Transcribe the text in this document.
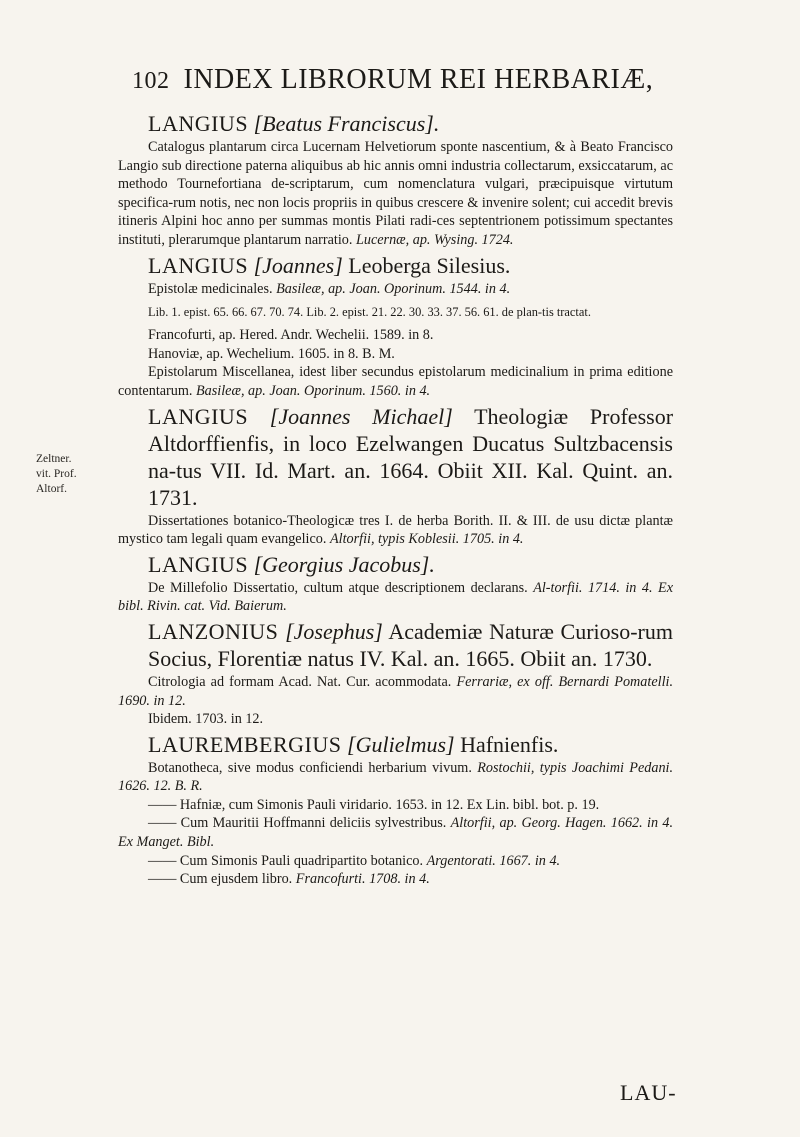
102 INDEX LIBRORUM REI HERBARIÆ,
Zeltner.
vit. Prof.
Altorf.
LANGIUS [Beatus Franciscus].

Catalogus plantarum circa Lucernam Helvetiorum sponte nascentium, & à Beato Francisco Langio sub directione paterna aliquibus ab hic annis omni industria collectarum, exsiccatarum, ac methodo Tournefortiana de-scriptarum, cum nomenclatura vulgari, præcipuisque virtutum specifica-rum notis, nec non locis propriis in quibus crescere & invenire solent; cui accedit brevis itineris Alpini hoc anno per summas montis Pilati radi-ces septentrionem potissimum spectantes instituti, plerarumque plantarum narratio. Lucernæ, ap. Wysing. 1724.

LANGIUS [Joannes] Leoberga Silesius.

Epistolæ medicinales. Basileæ, ap. Joan. Oporinum. 1544. in 4.

Lib. 1. epist. 65. 66. 67. 70. 74. Lib. 2. epist. 21. 22. 30. 33. 37. 56. 61. de plan-tis tractat.

Francofurti, ap. Hered. Andr. Wechelii. 1589. in 8.

Hanoviæ, ap. Wechelium. 1605. in 8. B. M.

Epistolarum Miscellanea, idest liber secundus epistolarum medicinalium in prima editione contentarum. Basileæ, ap. Joan. Oporinum. 1560. in 4.

LANGIUS [Joannes Michael] Theologiæ Professor Altdorffienfis, in loco Ezelwangen Ducatus Sultzbacensis na-tus VII. Id. Mart. an. 1664. Obiit XII. Kal. Quint. an. 1731.

Dissertationes botanico-Theologicæ tres I. de herba Borith. II. & III. de usu dictæ plantæ mystico tam legali quam evangelico. Altorfii, typis Koblesii. 1705. in 4.

LANGIUS [Georgius Jacobus].

De Millefolio Dissertatio, cultum atque descriptionem declarans. Al-torfii. 1714. in 4. Ex bibl. Rivin. cat. Vid. Baierum.

LANZONIUS [Josephus] Academiæ Naturæ Curioso-rum Socius, Florentiæ natus IV. Kal. an. 1665. Obiit an. 1730.

Citrologia ad formam Acad. Nat. Cur. acommodata. Ferrariæ, ex off. Bernardi Pomatelli. 1690. in 12.

Ibidem. 1703. in 12.

LAUREMBERGIUS [Gulielmus] Hafnienfis.

Botanotheca, sive modus conficiendi herbarium vivum. Rostochii, typis Joachimi Pedani. 1626. 12. B. R.

—— Hafniæ, cum Simonis Pauli viridario. 1653. in 12. Ex Lin. bibl. bot. p. 19.

—— Cum Mauritii Hoffmanni deliciis sylvestribus. Altorfii, ap. Georg. Hagen. 1662. in 4. Ex Manget. Bibl.

—— Cum Simonis Pauli quadripartito botanico. Argentorati. 1667. in 4.

—— Cum ejusdem libro. Francofurti. 1708. in 4.

LAU-
